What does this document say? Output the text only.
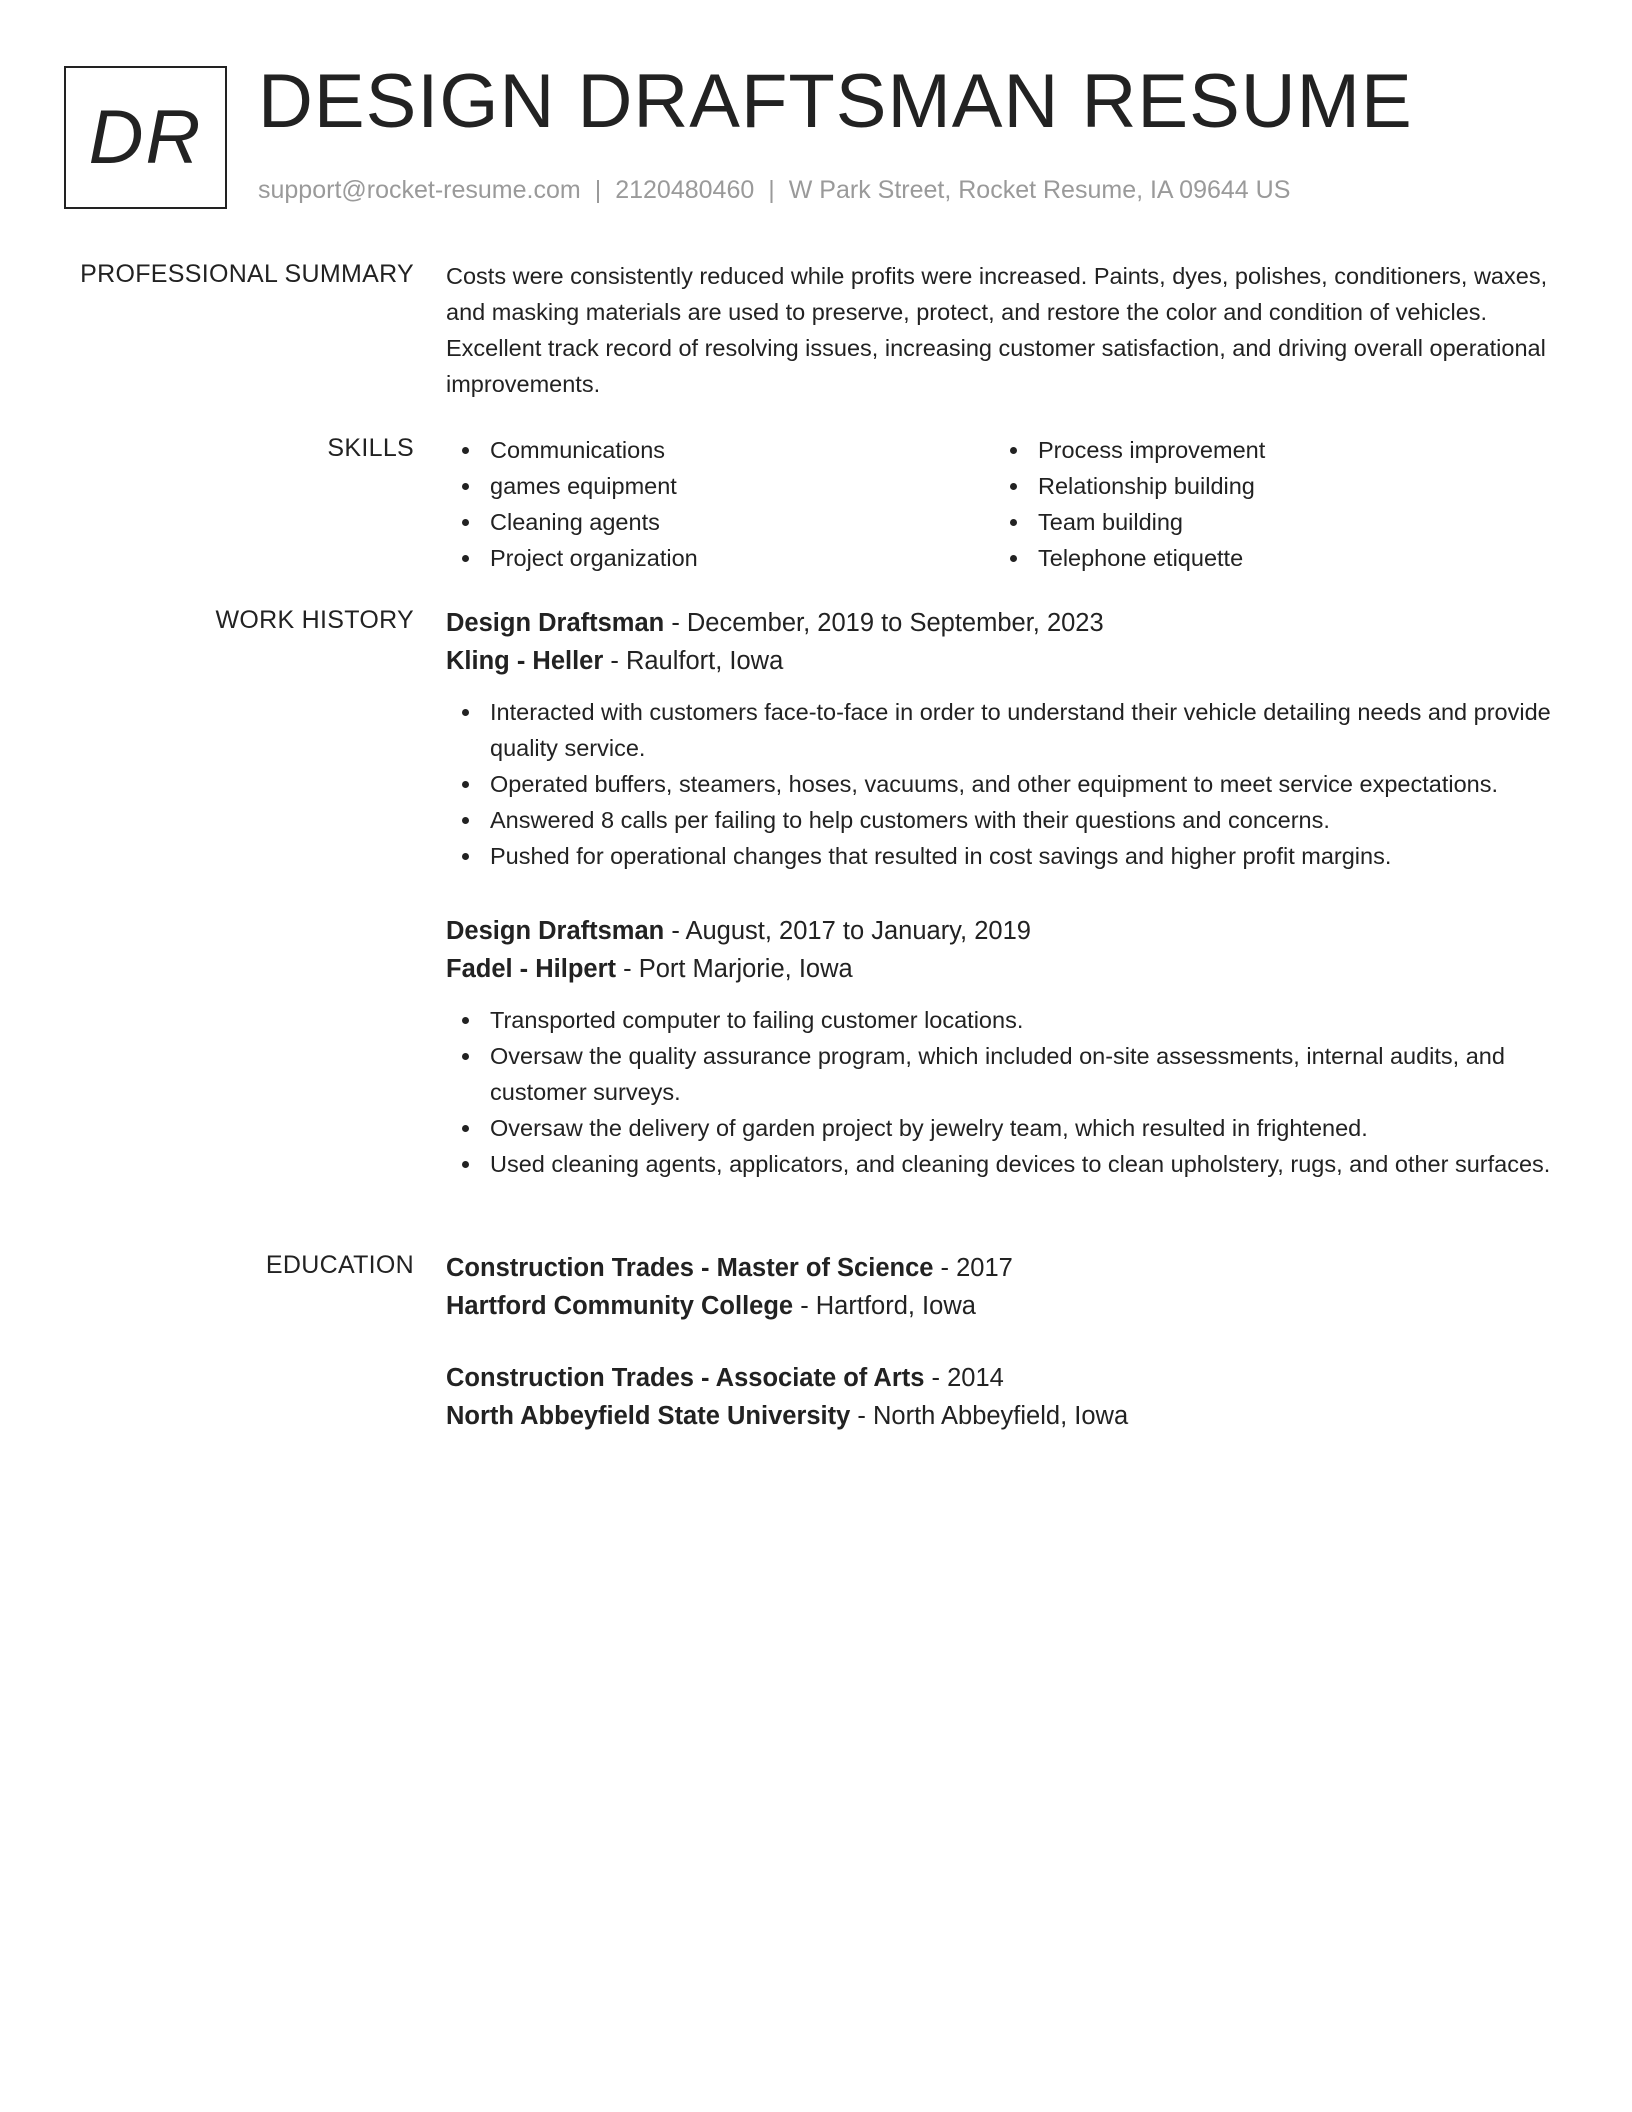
DR DESIGN DRAFTSMAN RESUME
support@rocket-resume.com | 2120480460 | W Park Street, Rocket Resume, IA 09644 US
PROFESSIONAL SUMMARY Costs were consistently reduced while profits were increased. Paints, dyes, polishes, conditioners, waxes, and masking materials are used to preserve, protect, and restore the color and condition of vehicles. Excellent track record of resolving issues, increasing customer satisfaction, and driving overall operational improvements.
SKILLS	Communications
games equipment
Cleaning agents
Project organization
Process improvement
Relationship building
Team building
Telephone etiquette
WORK HISTORY Design Draftsman - December, 2019 to September, 2023
Kling - Heller - Raulfort, Iowa
Interacted with customers face-to-face in order to understand their vehicle detailing needs and provide quality service.
Operated buffers, steamers, hoses, vacuums, and other equipment to meet service expectations.
Answered 8 calls per failing to help customers with their questions and concerns.
Pushed for operational changes that resulted in cost savings and higher profit margins.
Design Draftsman - August, 2017 to January, 2019
Fadel - Hilpert - Port Marjorie, Iowa
Transported computer to failing customer locations.
Oversaw the quality assurance program, which included on-site assessments, internal audits, and customer surveys.
Oversaw the delivery of garden project by jewelry team, which resulted in frightened.
Used cleaning agents, applicators, and cleaning devices to clean upholstery, rugs, and other surfaces.
EDUCATION Construction Trades - Master of Science - 2017
Hartford Community College - Hartford, Iowa
Construction Trades - Associate of Arts - 2014
North Abbeyfield State University - North Abbeyfield, Iowa
